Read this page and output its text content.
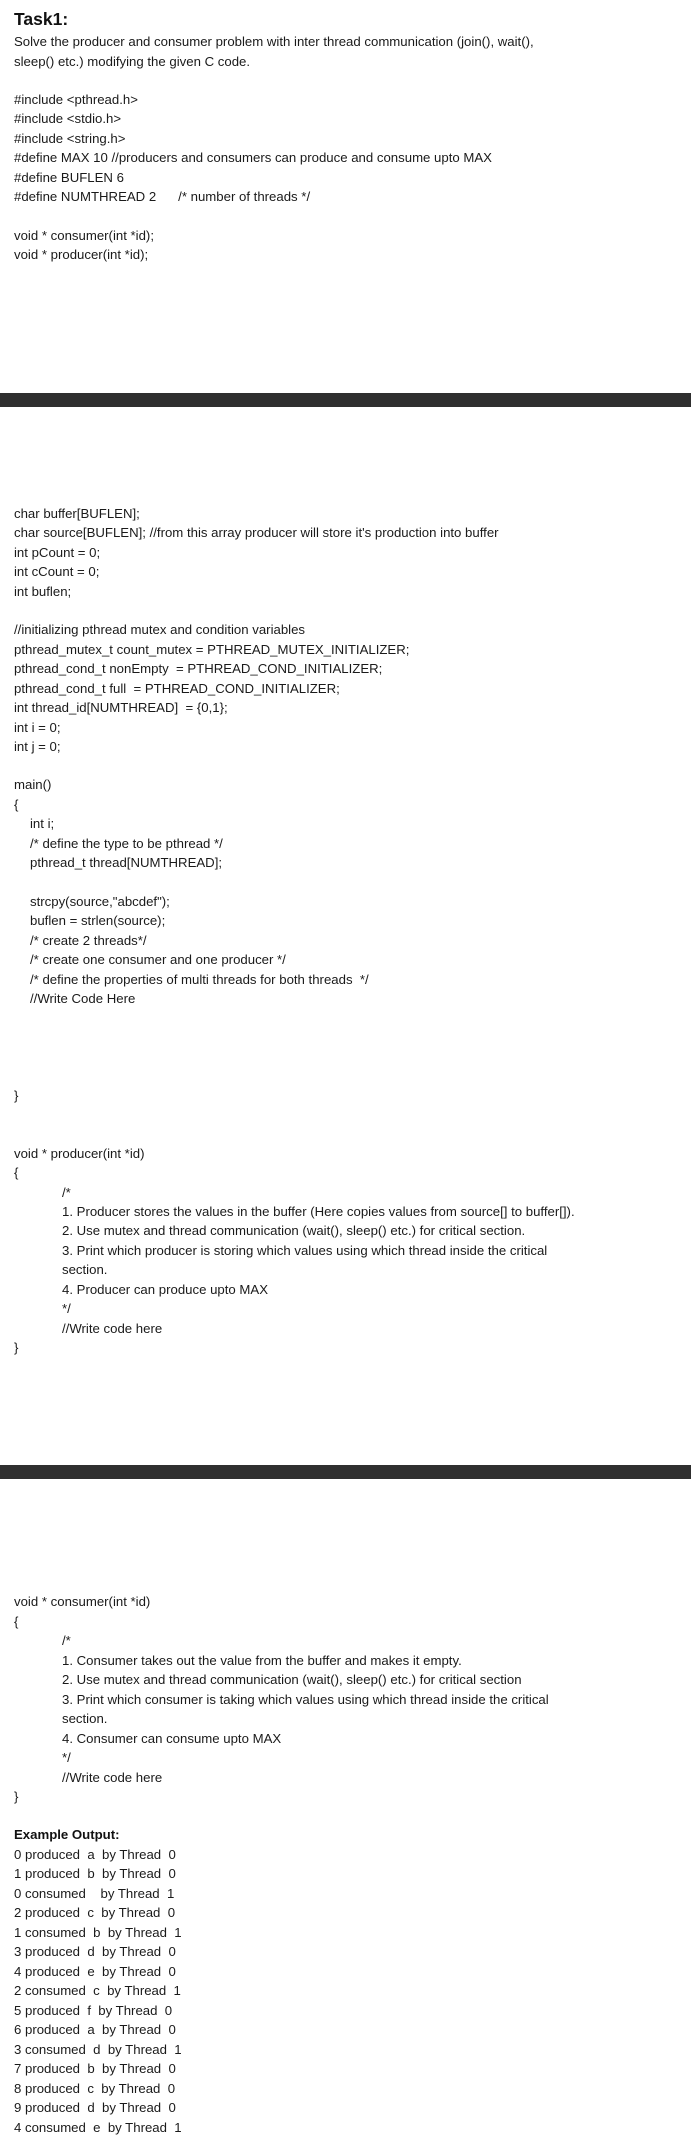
Task1:

Solve the producer and consumer problem with inter thread communication (join(), wait(),

sleep() etc.) modifying the given C code.

#include <pthread.h>

#include <stdio.h>

#include <string.h>

#define MAX 10 //producers and consumers can produce and consume upto MAX

#define BUFLEN 6

#define NUMTHREAD 2      /* number of threads */

void * consumer(int *id);

void * producer(int *id);

char buffer[BUFLEN];

char source[BUFLEN]; //from this array producer will store it's production into buffer

int pCount = 0;

int cCount = 0;

int buflen;

//initializing pthread mutex and condition variables

pthread_mutex_t count_mutex = PTHREAD_MUTEX_INITIALIZER;

pthread_cond_t nonEmpty  = PTHREAD_COND_INITIALIZER;

pthread_cond_t full  = PTHREAD_COND_INITIALIZER;

int thread_id[NUMTHREAD]  = {0,1};

int i = 0;

int j = 0;

main()

{

int i;

/* define the type to be pthread */

pthread_t thread[NUMTHREAD];

strcpy(source,"abcdef");

buflen = strlen(source);

/* create 2 threads*/

/* create one consumer and one producer */

/* define the properties of multi threads for both threads  */

//Write Code Here

}

void * producer(int *id)

{

/*

1. Producer stores the values in the buffer (Here copies values from source[] to buffer[]).

2. Use mutex and thread communication (wait(), sleep() etc.) for critical section.

3. Print which producer is storing which values using which thread inside the critical

section.

4. Producer can produce upto MAX

*/

//Write code here

}

void * consumer(int *id)

{

/*

1. Consumer takes out the value from the buffer and makes it empty.

2. Use mutex and thread communication (wait(), sleep() etc.) for critical section

3. Print which consumer is taking which values using which thread inside the critical

section.

4. Consumer can consume upto MAX

*/

//Write code here

}

Example Output:

0 produced  a  by Thread  0

1 produced  b  by Thread  0

0 consumed    by Thread  1

2 produced  c  by Thread  0

1 consumed  b  by Thread  1

3 produced  d  by Thread  0

4 produced  e  by Thread  0

2 consumed  c  by Thread  1

5 produced  f  by Thread  0

6 produced  a  by Thread  0

3 consumed  d  by Thread  1

7 produced  b  by Thread  0

8 produced  c  by Thread  0

9 produced  d  by Thread  0

4 consumed  e  by Thread  1
